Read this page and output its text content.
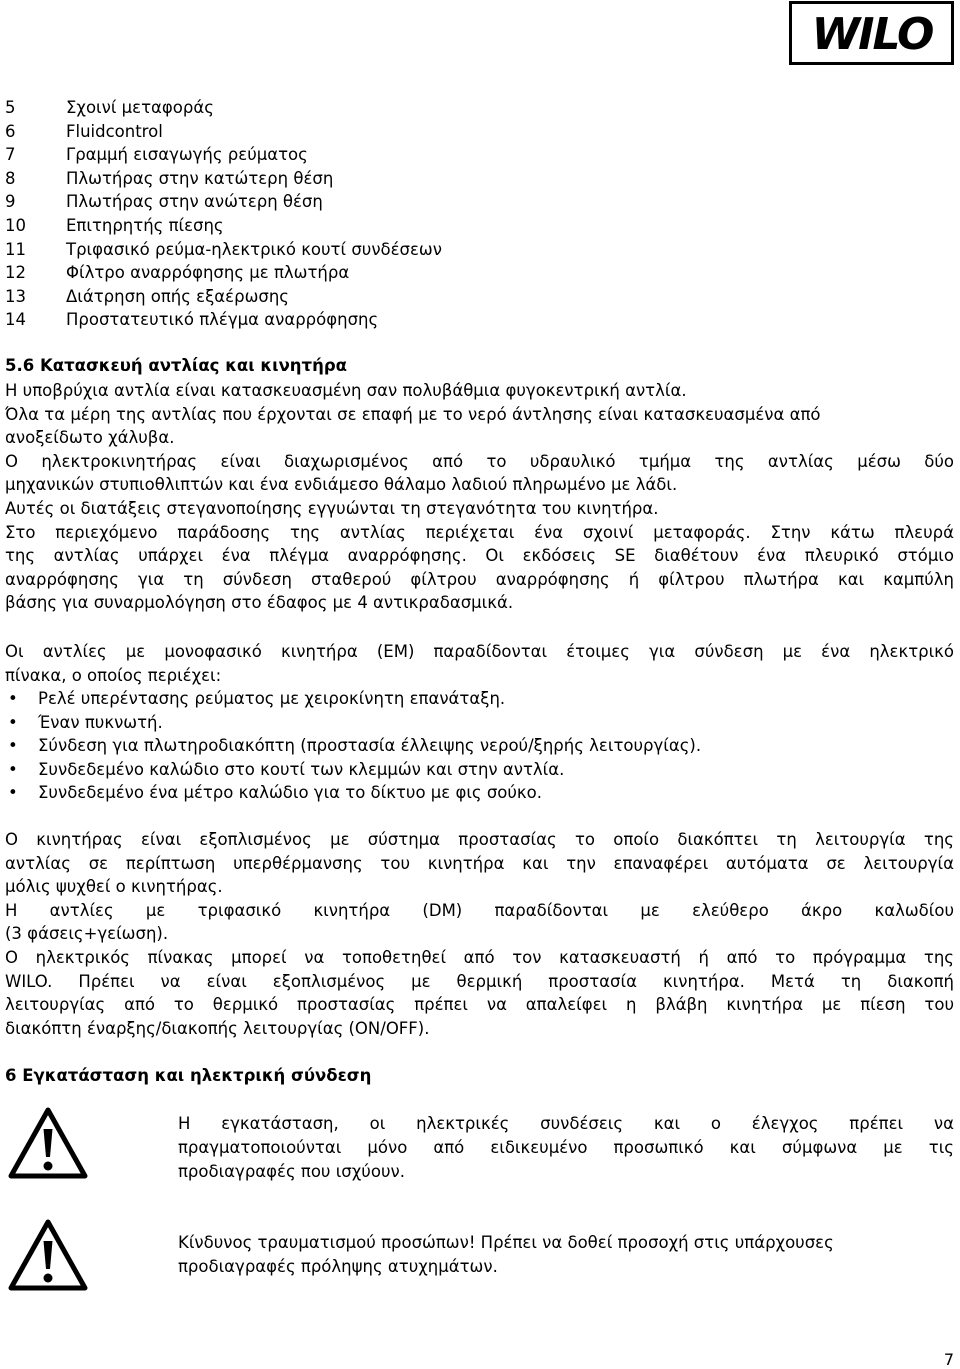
WILO
5	Σχοινί μεταφοράς
6	Fluidcontrol
7	Γραμμή εισαγωγής ρεύματος
8	Πλωτήρας στην κατώτερη θέση
9	Πλωτήρας στην ανώτερη θέση
10 Επιτηρητής πίεσης
11 Τριφασικό ρεύμα-ηλεκτρικό κουτί συνδέσεων
12 Φίλτρο αναρρόφησης με πλωτήρα
13 Διάτρηση οπής εξαέρωσης
14 Προστατευτικό πλέγμα αναρρόφησης
5.6 Κατασκευή αντλίας και κινητήρα
Η υποβρύχια αντλία είναι κατασκευασμένη σαν πολυβάθμια φυγοκεντρική αντλία.
Όλα τα μέρη της αντλίας που έρχονται σε επαφή με το νερό άντλησης είναι κατασκευασμένα από
ανοξείδωτο χάλυβα.
Ο ηλεκτροκινητήρας είναι διαχωρισμένος από το υδραυλικό τμήμα της αντλίας μέσω δύο
μηχανικών στυπιοθλιπτών και ένα ενδιάμεσο θάλαμο λαδιού πληρωμένο με λάδι.
Αυτές οι διατάξεις στεγανοποίησης εγγυώνται τη στεγανότητα του κινητήρα.
Στο περιεχόμενο παράδοσης της αντλίας περιέχεται ένα σχοινί μεταφοράς. Στην κάτω πλευρά
της αντλίας υπάρχει ένα πλέγμα αναρρόφησης. Οι εκδόσεις SE διαθέτουν ένα πλευρικό στόμιο
αναρρόφησης για τη σύνδεση σταθερού φίλτρου αναρρόφησης ή φίλτρου πλωτήρα και καμπύλη
βάσης για συναρμολόγηση στο έδαφος με 4 αντικραδασμικά.
Οι αντλίες με μονοφασικό κινητήρα (EM) παραδίδονται έτοιμες για σύνδεση με ένα ηλεκτρικό
πίνακα, ο οποίος περιέχει:
• Ρελέ υπερέντασης ρεύματος με χειροκίνητη επανάταξη.
• Έναν πυκνωτή.
• Σύνδεση για πλωτηροδιακόπτη (προστασία έλλειψης νερού/ξηρής λειτουργίας).
• Συνδεδεμένο καλώδιο στο κουτί των κλεμμών και στην αντλία.
• Συνδεδεμένο ένα μέτρο καλώδιο για το δίκτυο με φις σούκο.
Ο κινητήρας είναι εξοπλισμένος με σύστημα προστασίας το οποίο διακόπτει τη λειτουργία της
αντλίας σε περίπτωση υπερθέρμανσης του κινητήρα και την επαναφέρει αυτόματα σε λειτουργία
μόλις ψυχθεί ο κινητήρας.
Η αντλίες με τριφασικό κινητήρα (DM) παραδίδονται με ελεύθερο άκρο καλωδίου
(3 φάσεις+γείωση).
Ο ηλεκτρικός πίνακας μπορεί να τοποθετηθεί από τον κατασκευαστή ή από το πρόγραμμα της
WILO. Πρέπει να είναι εξοπλισμένος με θερμική προστασία κινητήρα. Μετά τη διακοπή
λειτουργίας από το θερμικό προστασίας πρέπει να απαλείφει η βλάβη κινητήρα με πίεση του
διακόπτη έναρξης/διακοπής λειτουργίας (ON/OFF).
6 Εγκατάσταση και ηλεκτρική σύνδεση
Η εγκατάσταση, οι ηλεκτρικές συνδέσεις και ο έλεγχος πρέπει να
πραγματοποιούνται μόνο από ειδικευμένο προσωπικό και σύμφωνα με τις
προδιαγραφές που ισχύουν.
Κίνδυνος τραυματισμού προσώπων! Πρέπει να δοθεί προσοχή στις υπάρχουσες
προδιαγραφές πρόληψης ατυχημάτων.
7
